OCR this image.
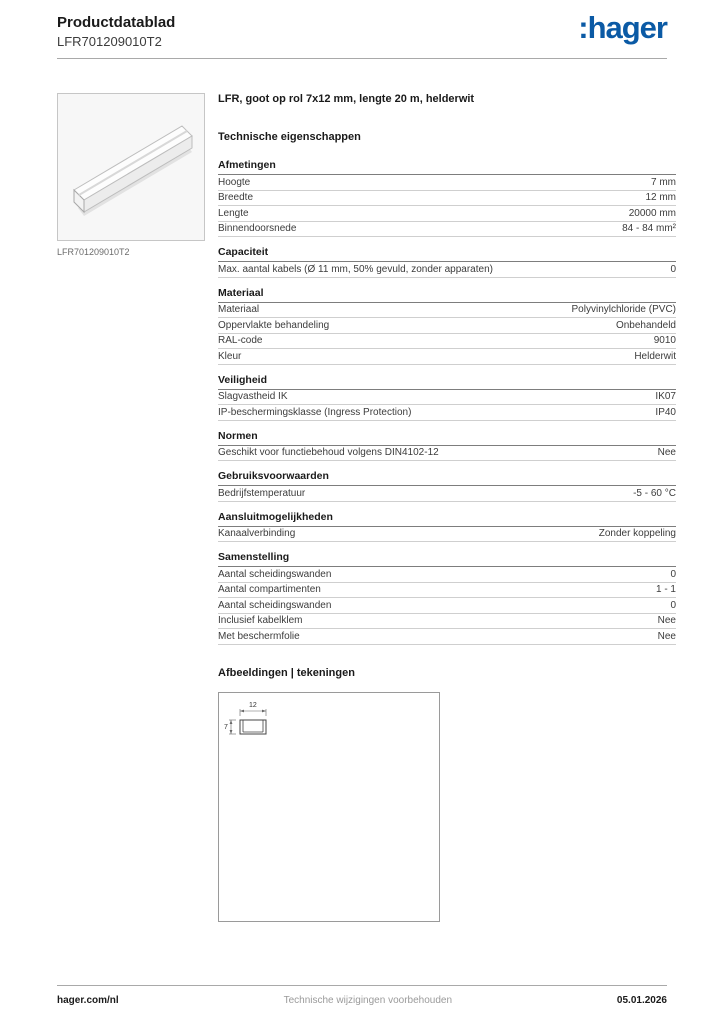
Productdatablad
LFR701209010T2	:hager
LFR701209010T2
LFR, goot op rol 7x12 mm, lengte 20 m, helderwit
Technische eigenschappen
Afmetingen
Hoogte	7 mm
Breedte	12 mm
Lengte	20000 mm
Binnendoorsnede	84 - 84 mm²
Capaciteit
Max. aantal kabels (Ø 11 mm, 50% gevuld, zonder apparaten)	0
Materiaal
Materiaal	Polyvinylchloride (PVC)
Oppervlakte behandeling	Onbehandeld
RAL-code	9010
Kleur	Helderwit
Veiligheid
Slagvastheid IK	IK07
IP-beschermingsklasse (Ingress Protection)	IP40
Normen
Geschikt voor functiebehoud volgens DIN4102-12	Nee
Gebruiksvoorwaarden
Bedrijfstemperatuur	-5 - 60 °C
Aansluitmogelijkheden
Kanaalverbinding	Zonder koppeling
Samenstelling
Aantal scheidingswanden	0
Aantal compartimenten	1 - 1
Aantal scheidingswanden	0
Inclusief kabelklem	Nee
Met beschermfolie	Nee
Afbeeldingen | tekeningen
12
7
hager.com/nl	Technische wijzigingen voorbehouden	05.01.2026
